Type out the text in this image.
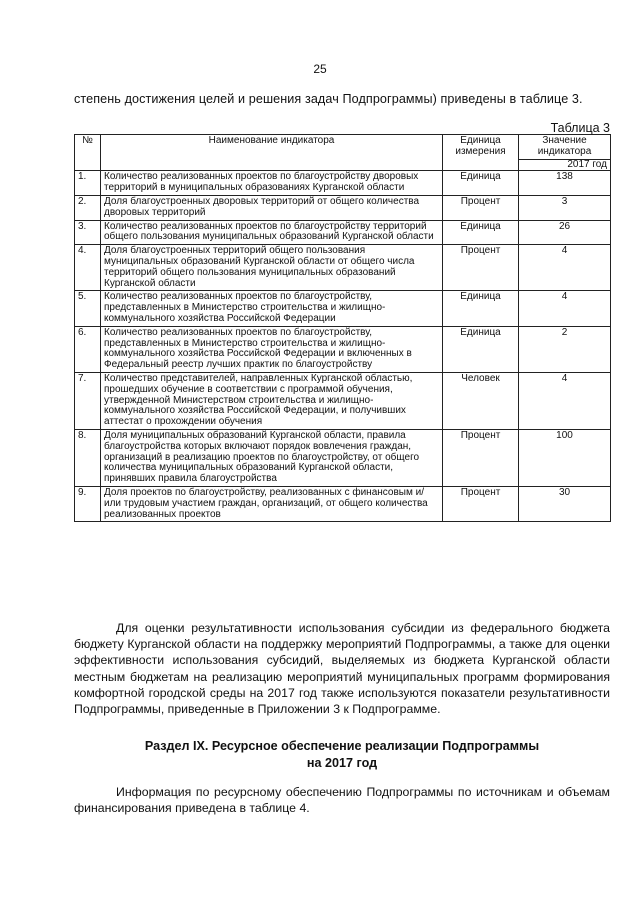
25
степень достижения целей и решения задач Подпрограммы) приведены в таблице 3.
Таблица 3
№	Наименование индикатора	Единица измерения	Значение индикатора
			2017 год
1.	Количество реализованных проектов по благоустройству дворовых территорий в муниципальных образованиях Курганской области	Единица	138
2.	Доля благоустроенных дворовых территорий от общего количества дворовых территорий	Процент	3
3.	Количество реализованных проектов по благоустройству территорий общего пользования муниципальных образований Курганской области	Единица	26
4.	Доля благоустроенных территорий общего пользования муниципальных образований Курганской области от общего числа территорий общего пользования муниципальных образований Курганской области	Процент	4
5.	Количество реализованных проектов по благоустройству, представленных в Министерство строительства и жилищно-коммунального хозяйства Российской Федерации	Единица	4
6.	Количество реализованных проектов по благоустройству, представленных в Министерство строительства и жилищно-коммунального хозяйства Российской Федерации и включенных в Федеральный реестр лучших практик по благоустройству	Единица	2
7.	Количество представителей, направленных Курганской областью, прошедших обучение в соответствии с программой обучения, утвержденной Министерством строительства и жилищно-коммунального хозяйства Российской Федерации, и получивших аттестат о прохождении обучения	Человек	4
8.	Доля муниципальных образований Курганской области, правила благоустройства которых включают порядок вовлечения граждан, организаций в реализацию проектов по благоустройству, от общего количества муниципальных образований Курганской области, принявших правила благоустройства	Процент	100
9.	Доля проектов по благоустройству, реализованных с финансовым и/или трудовым участием граждан, организаций, от общего количества реализованных проектов	Процент	30
Для оценки результативности использования субсидии из федерального бюджета бюджету Курганской области на поддержку мероприятий Подпрограммы, а также для оценки эффективности использования субсидий, выделяемых из бюджета Курганской области местным бюджетам на реализацию мероприятий муниципальных программ формирования комфортной городской среды на 2017 год также используются показатели результативности Подпрограммы, приведенные в Приложении 3 к Подпрограмме.
Раздел IX. Ресурсное обеспечение реализации Подпрограммы
на 2017 год
Информация по ресурсному обеспечению Подпрограммы по источникам и объемам финансирования приведена в таблице 4.
